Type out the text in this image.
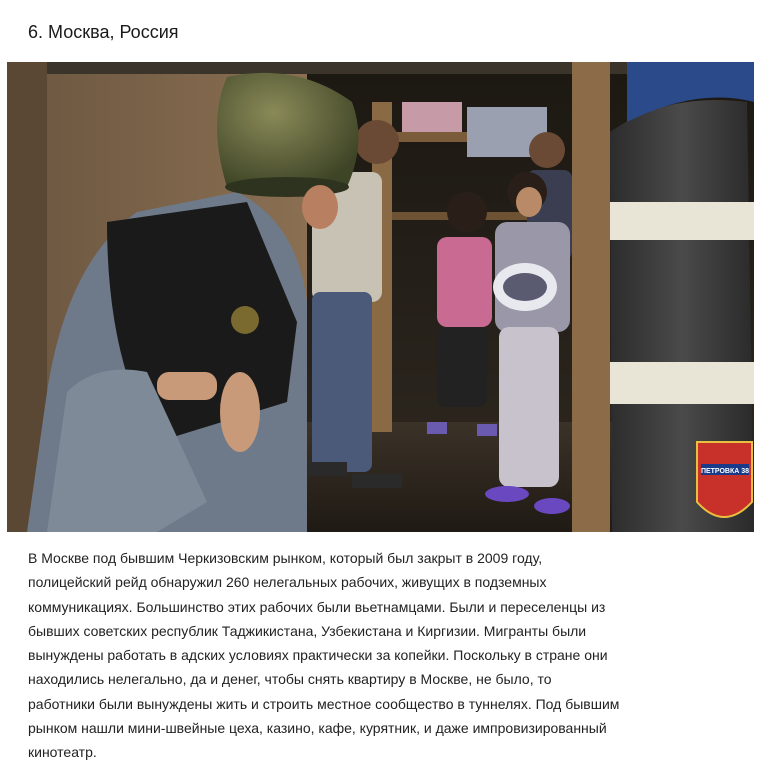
6. Москва, Россия
ПЕТРОВКА 38
В Москве под бывшим Черкизовским рынком, который был закрыт в 2009 году,
полицейский рейд обнаружил 260 нелегальных рабочих, живущих в подземных
коммуникациях. Большинство этих рабочих были вьетнамцами. Были и переселенцы из
бывших советских республик Таджикистана, Узбекистана и Киргизии. Мигранты были
вынуждены работать в адских условиях практически за копейки. Поскольку в стране они
находились нелегально, да и денег, чтобы снять квартиру в Москве, не было, то
работники были вынуждены жить и строить местное сообщество в туннелях. Под бывшим
рынком нашли мини-швейные цеха, казино, кафе, курятник, и даже импровизированный
кинотеатр.
